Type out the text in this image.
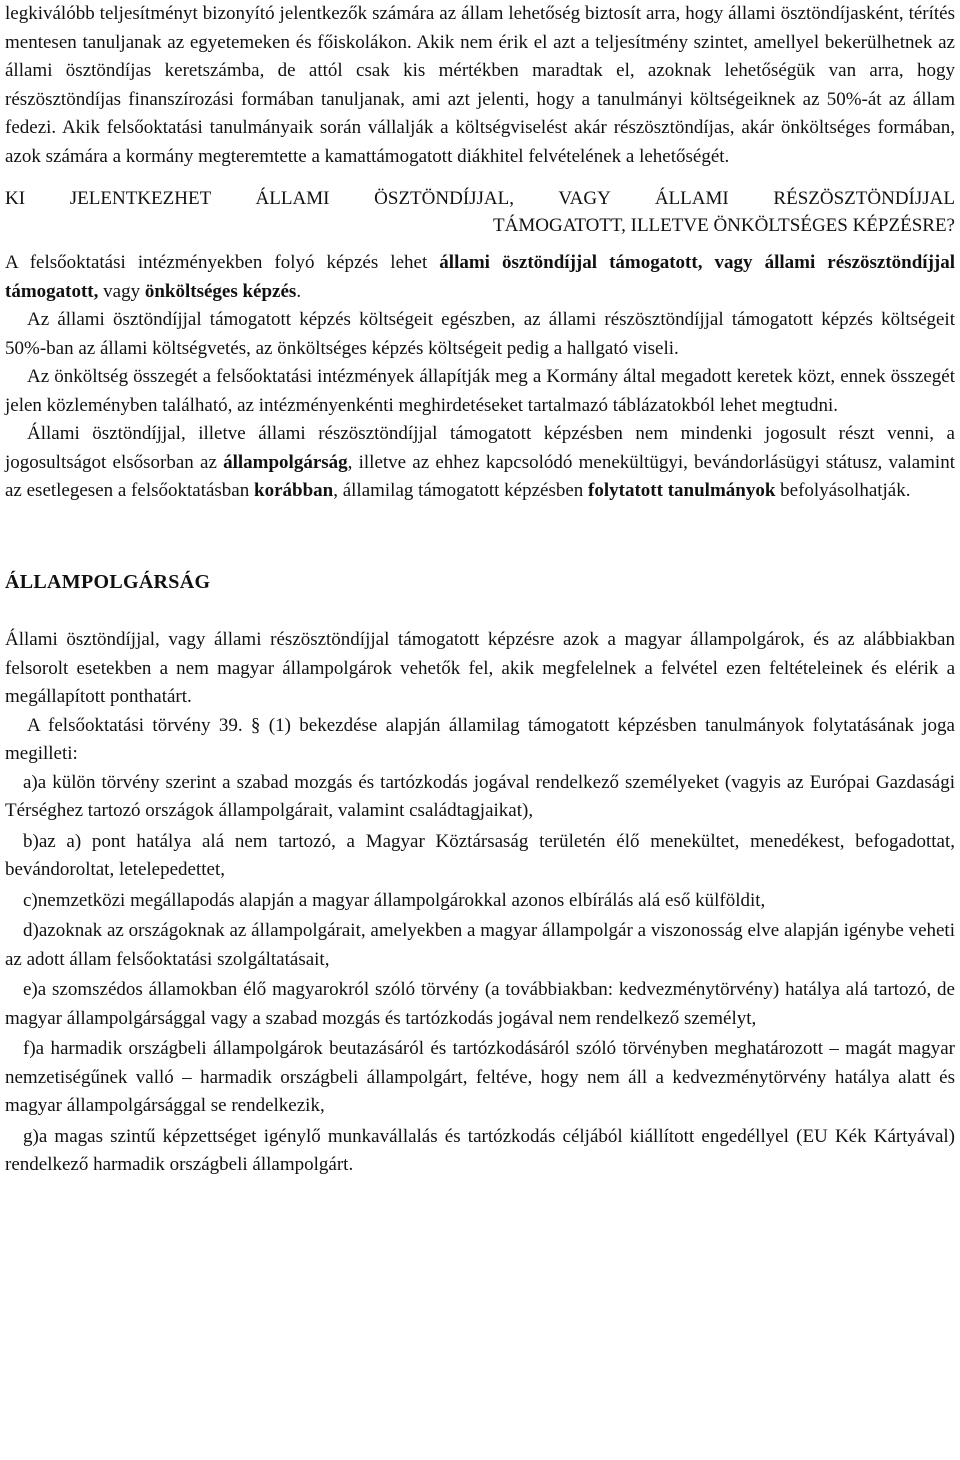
legkiválóbb teljesítményt bizonyító jelentkezők számára az állam lehetőség biztosít arra, hogy állami ösztöndíjasként, térítés mentesen tanuljanak az egyetemeken és főiskolákon. Akik nem érik el azt a teljesítmény szintet, amellyel bekerülhetnek az állami ösztöndíjas keretszámba, de attól csak kis mértékben maradtak el, azoknak lehetőségük van arra, hogy részösztöndíjas finanszírozási formában tanuljanak, ami azt jelenti, hogy a tanulmányi költségeiknek az 50%-át az állam fedezi. Akik felsőoktatási tanulmányaik során vállalják a költségviselést akár részösztöndíjas, akár önköltséges formában, azok számára a kormány megteremtette a kamattámogatott diákhitel felvételének a lehetőségét.

KI JELENTKEZHET ÁLLAMI ÖSZTÖNDÍJJAL, VAGY ÁLLAMI RÉSZÖSZTÖNDÍJJAL
TÁMOGATOTT, ILLETVE ÖNKÖLTSÉGES KÉPZÉSRE?

A felsőoktatási intézményekben folyó képzés lehet állami ösztöndíjjal támogatott, vagy állami részösztöndíjjal támogatott, vagy önköltséges képzés.

Az állami ösztöndíjjal támogatott képzés költségeit egészben, az állami részösztöndíjjal támogatott képzés költségeit 50%-ban az állami költségvetés, az önköltséges képzés költségeit pedig a hallgató viseli.

Az önköltség összegét a felsőoktatási intézmények állapítják meg a Kormány által megadott keretek közt, ennek összegét jelen közleményben található, az intézményenkénti meghirdetéseket tartalmazó táblázatokból lehet megtudni.

Állami ösztöndíjjal, illetve állami részösztöndíjjal támogatott képzésben nem mindenki jogosult részt venni, a jogosultságot elsősorban az állampolgárság, illetve az ehhez kapcsolódó menekültügyi, bevándorlásügyi státusz, valamint az esetlegesen a felsőoktatásban korábban, államilag támogatott képzésben folytatott tanulmányok befolyásolhatják.

ÁLLAMPOLGÁRSÁG

Állami ösztöndíjjal, vagy állami részösztöndíjjal támogatott képzésre azok a magyar állampolgárok, és az alábbiakban felsorolt esetekben a nem magyar állampolgárok vehetők fel, akik megfelelnek a felvétel ezen feltételeinek és elérik a megállapított ponthatárt.

A felsőoktatási törvény 39. § (1) bekezdése alapján államilag támogatott képzésben tanulmányok folytatásának joga megilleti:

a)a külön törvény szerint a szabad mozgás és tartózkodás jogával rendelkező személyeket (vagyis az Európai Gazdasági Térséghez tartozó országok állampolgárait, valamint családtagjaikat),

b)az a) pont hatálya alá nem tartozó, a Magyar Köztársaság területén élő menekültet, menedékest, befogadottat, bevándoroltat, letelepedettet,

c)nemzetközi megállapodás alapján a magyar állampolgárokkal azonos elbírálás alá eső külföldit,

d)azoknak az országoknak az állampolgárait, amelyekben a magyar állampolgár a viszonosság elve alapján igénybe veheti az adott állam felsőoktatási szolgáltatásait,

e)a szomszédos államokban élő magyarokról szóló törvény (a továbbiakban: kedvezménytörvény) hatálya alá tartozó, de magyar állampolgársággal vagy a szabad mozgás és tartózkodás jogával nem rendelkező személyt,

f)a harmadik országbeli állampolgárok beutazásáról és tartózkodásáról szóló törvényben meghatározott – magát magyar nemzetiségűnek valló – harmadik országbeli állampolgárt, feltéve, hogy nem áll a kedvezménytörvény hatálya alatt és magyar állampolgársággal se rendelkezik,

g)a magas szintű képzettséget igénylő munkavállalás és tartózkodás céljából kiállított engedéllyel (EU Kék Kártyával) rendelkező harmadik országbeli állampolgárt.
